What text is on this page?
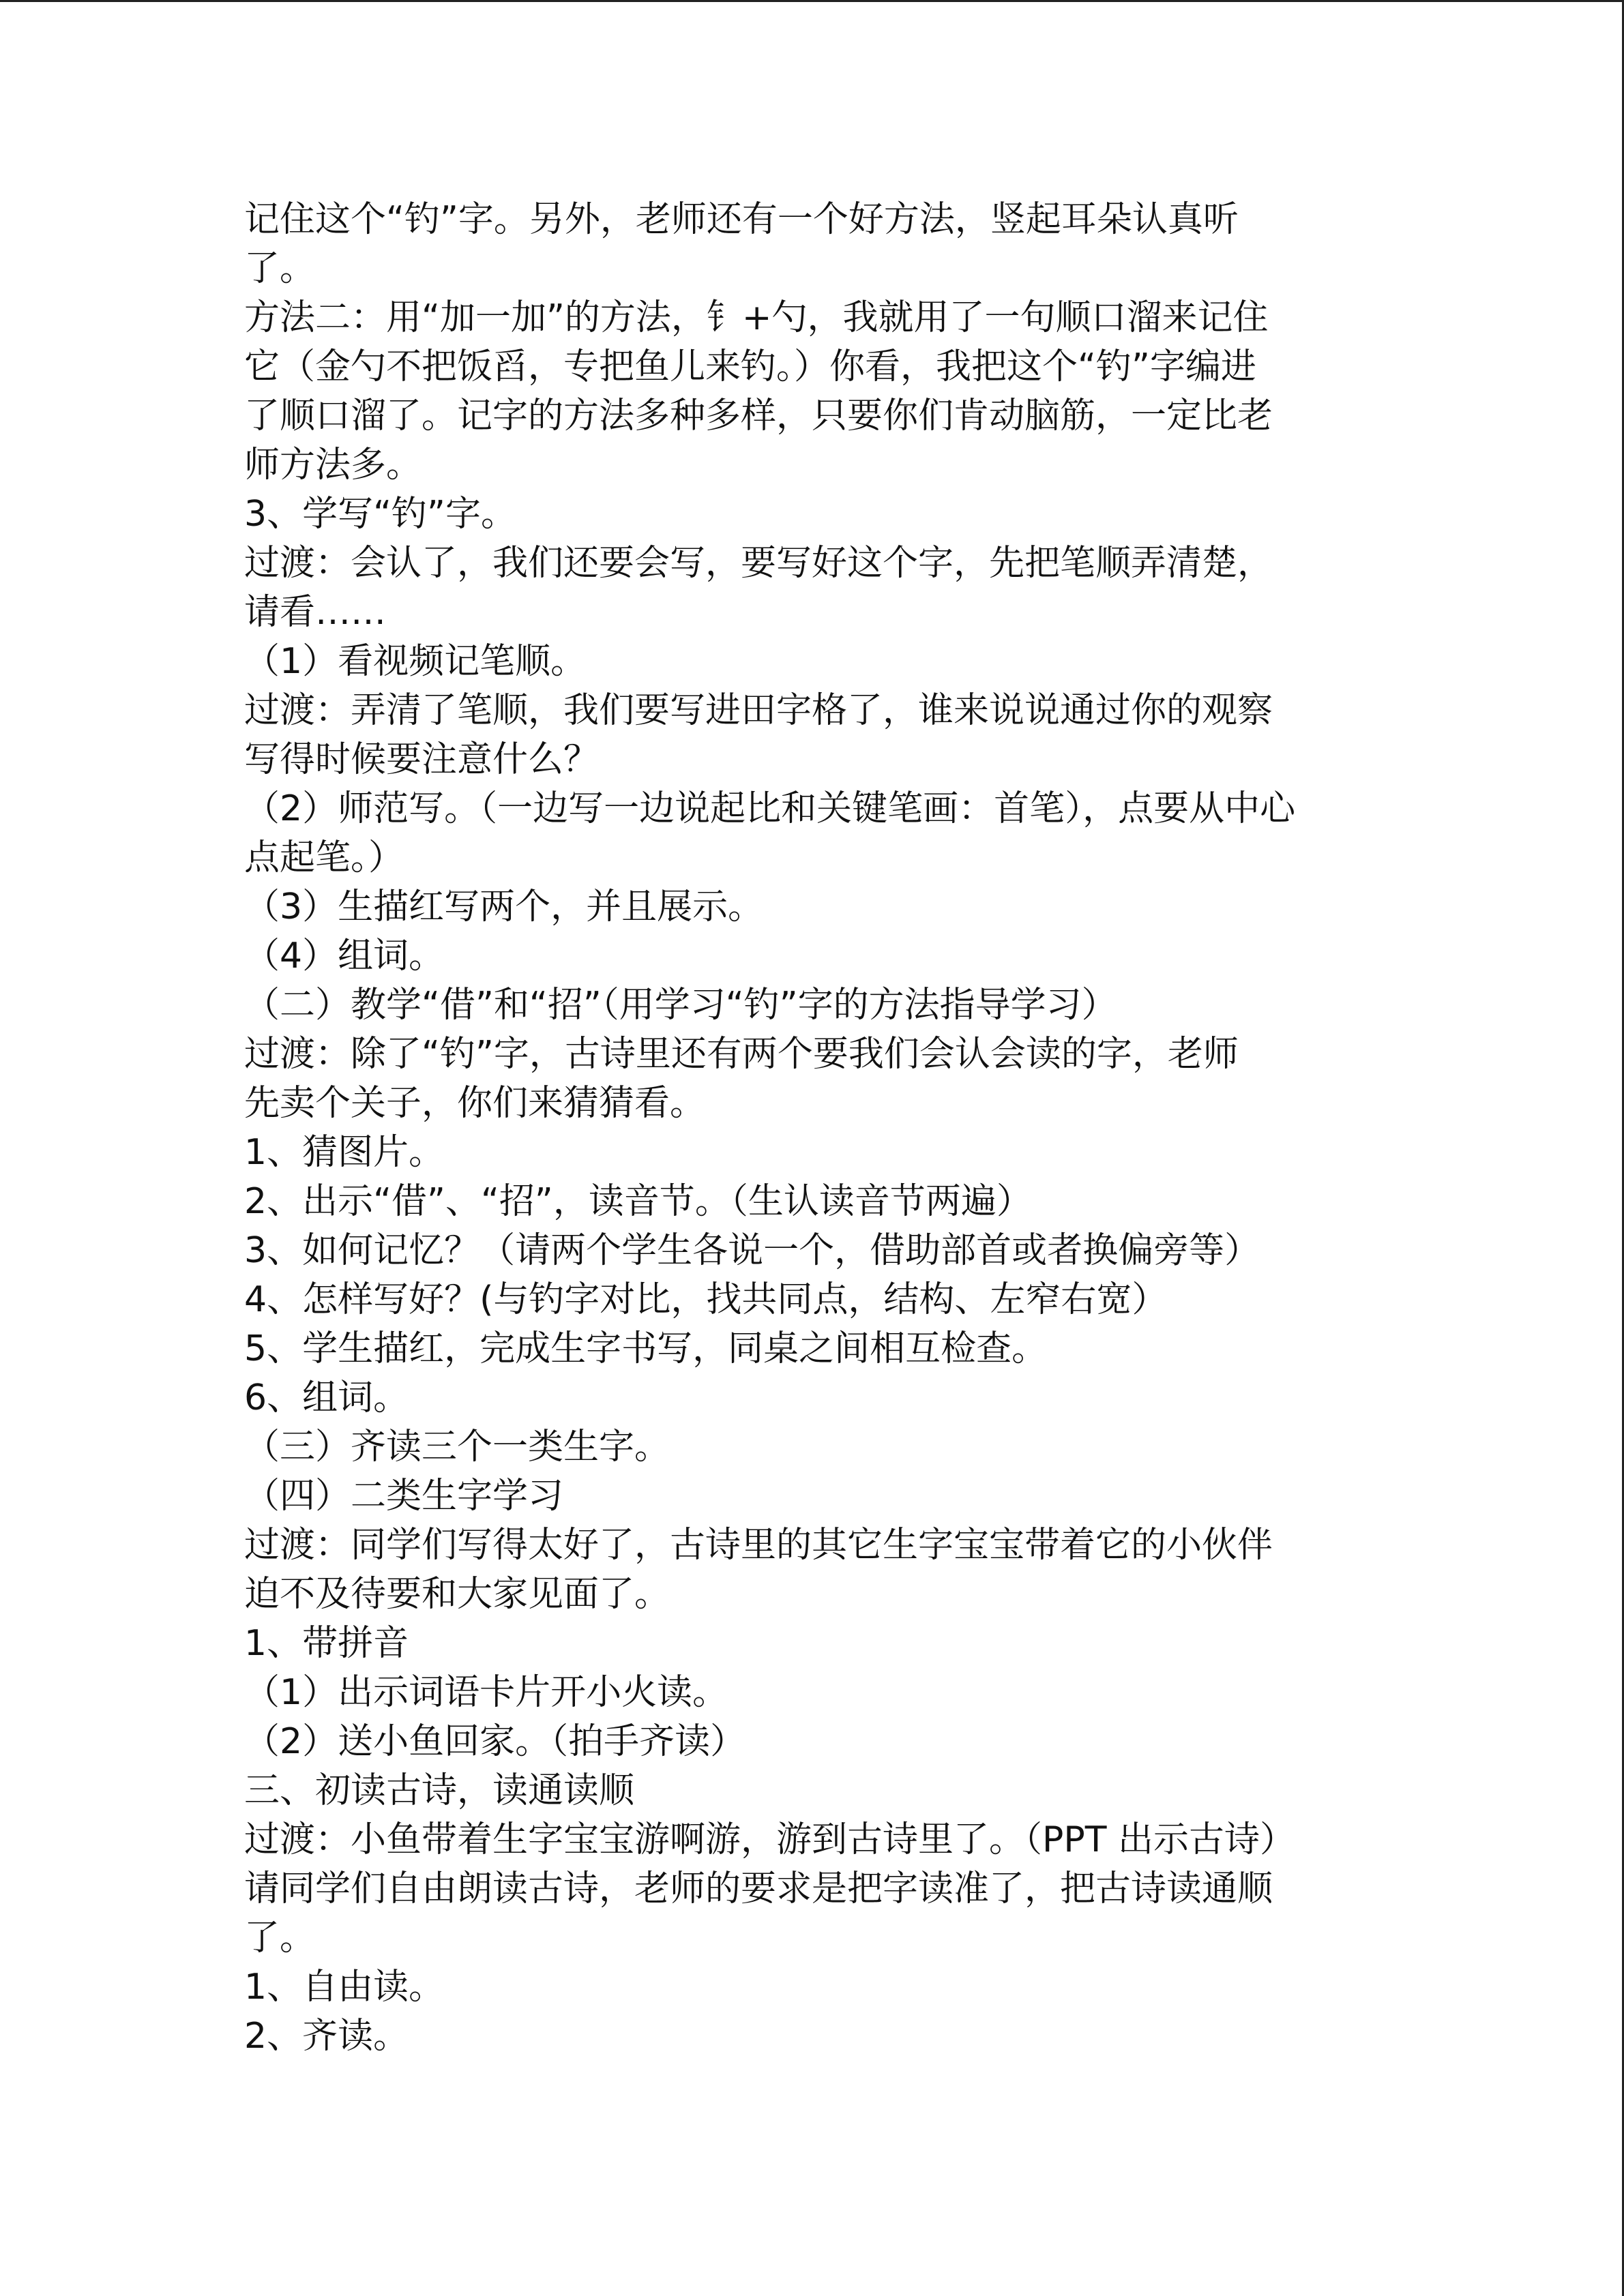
记住这个“钓”字。另外，老师还有一个好方法，竖起耳朵认真听
了。
方法二：用“加一加”的方法，钅+勺，我就用了一句顺口溜来记住
它（金勺不把饭舀，专把鱼儿来钓。）你看，我把这个“钓”字编进
了顺口溜了。记字的方法多种多样，只要你们肯动脑筋，一定比老
师方法多。
3、学写“钓”字。
过渡：会认了，我们还要会写，要写好这个字，先把笔顺弄清楚，
请看……
（1）看视频记笔顺。
过渡：弄清了笔顺，我们要写进田字格了，谁来说说通过你的观察
写得时候要注意什么？
（2）师范写。（一边写一边说起比和关键笔画：首笔），点要从中心
点起笔。）
（3）生描红写两个，并且展示。
（4）组词。
（二）教学“借”和“招”（用学习“钓”字的方法指导学习）
过渡：除了“钓”字，古诗里还有两个要我们会认会读的字，老师
先卖个关子，你们来猜猜看。
1、猜图片。
2、出示“借”、“招”，读音节。（生认读音节两遍）
3、如何记忆？（请两个学生各说一个，借助部首或者换偏旁等）
4、怎样写好？(与钓字对比，找共同点，结构、左窄右宽）
5、学生描红，完成生字书写，同桌之间相互检查。
6、组词。
（三）齐读三个一类生字。
（四）二类生字学习
过渡：同学们写得太好了，古诗里的其它生字宝宝带着它的小伙伴
迫不及待要和大家见面了。
1、带拼音
（1）出示词语卡片开小火读。
（2）送小鱼回家。（拍手齐读）
三、初读古诗，读通读顺
过渡：小鱼带着生字宝宝游啊游，游到古诗里了。（PPT 出示古诗）
请同学们自由朗读古诗，老师的要求是把字读准了，把古诗读通顺
了。
1、自由读。
2、齐读。
